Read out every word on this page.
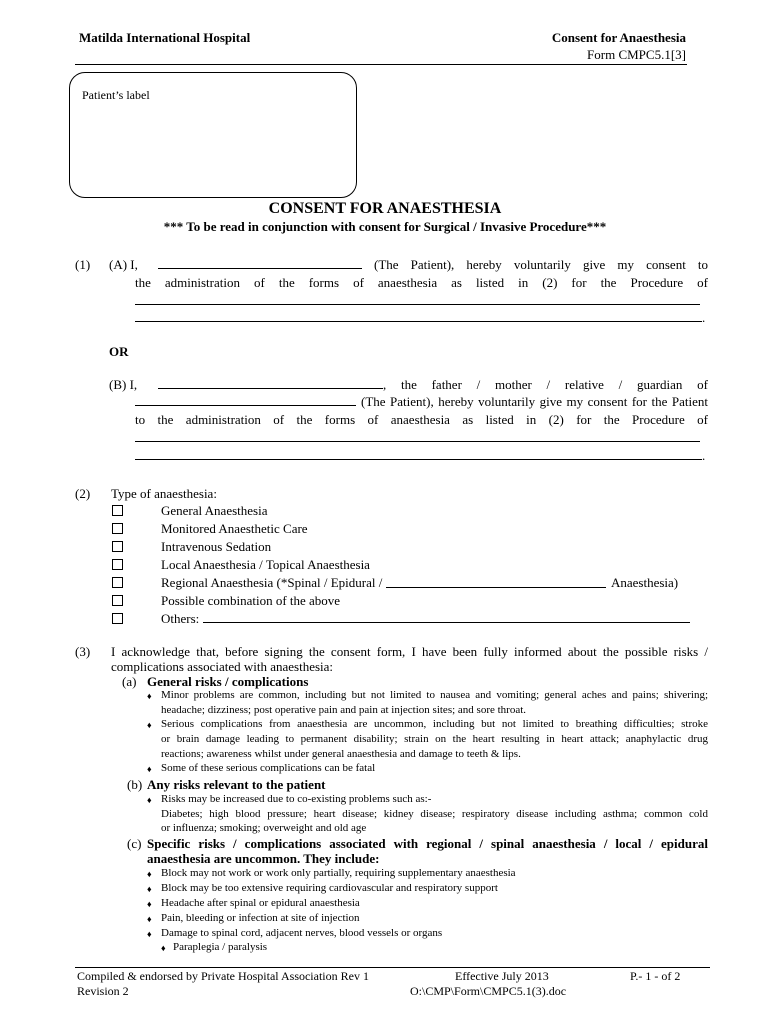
Matilda International Hospital	Consent for Anaesthesia
Form CMPC5.1[3]
Patient’s label
CONSENT FOR ANAESTHESIA
*** To be read in conjunction with consent for Surgical / Invasive Procedure***
(1) (A) I,	(The Patient), hereby voluntarily give my consent to
the administration of the forms of anaesthesia as listed in (2) for the Procedure of
.
OR
(B) I,	, the father / mother / relative / guardian of
(The Patient), hereby voluntarily give my consent for the Patient
to the administration of the forms of anaesthesia as listed in (2) for the Procedure of
.
(2) Type of anaesthesia:
General Anaesthesia
Monitored Anaesthetic Care
Intravenous Sedation
Local Anaesthesia / Topical Anaesthesia
Regional Anaesthesia (*Spinal / Epidural /	Anaesthesia)
Possible combination of the above
Others:
(3) I acknowledge that, before signing the consent form, I have been fully informed about the possible risks /
complications associated with anaesthesia:
(a) General risks / complications
♦ Minor problems are common, including but not limited to nausea and vomiting; general aches and pains; shivering;
headache; dizziness; post operative pain and pain at injection sites; and sore throat.
♦ Serious complications from anaesthesia are uncommon, including but not limited to breathing difficulties; stroke
or brain damage leading to permanent disability; strain on the heart resulting in heart attack; anaphylactic drug
reactions; awareness whilst under general anaesthesia and damage to teeth & lips.
♦ Some of these serious complications can be fatal
(b) Any risks relevant to the patient
♦ Risks may be increased due to co-existing problems such as:-
Diabetes; high blood pressure; heart disease; kidney disease; respiratory disease including asthma; common cold
or influenza; smoking; overweight and old age
(c) Specific risks / complications associated with regional / spinal anaesthesia / local / epidural
anaesthesia are uncommon. They include:
♦ Block may not work or work only partially, requiring supplementary anaesthesia
♦ Block may be too extensive requiring cardiovascular and respiratory support
♦ Headache after spinal or epidural anaesthesia
♦ Pain, bleeding or infection at site of injection
♦ Damage to spinal cord, adjacent nerves, blood vessels or organs
♦ Paraplegia / paralysis
Compiled & endorsed by Private Hospital Association Rev 1
Revision 2
Effective July 2013
O:\CMP\Form\CMPC5.1(3).doc
P.- 1 - of 2
